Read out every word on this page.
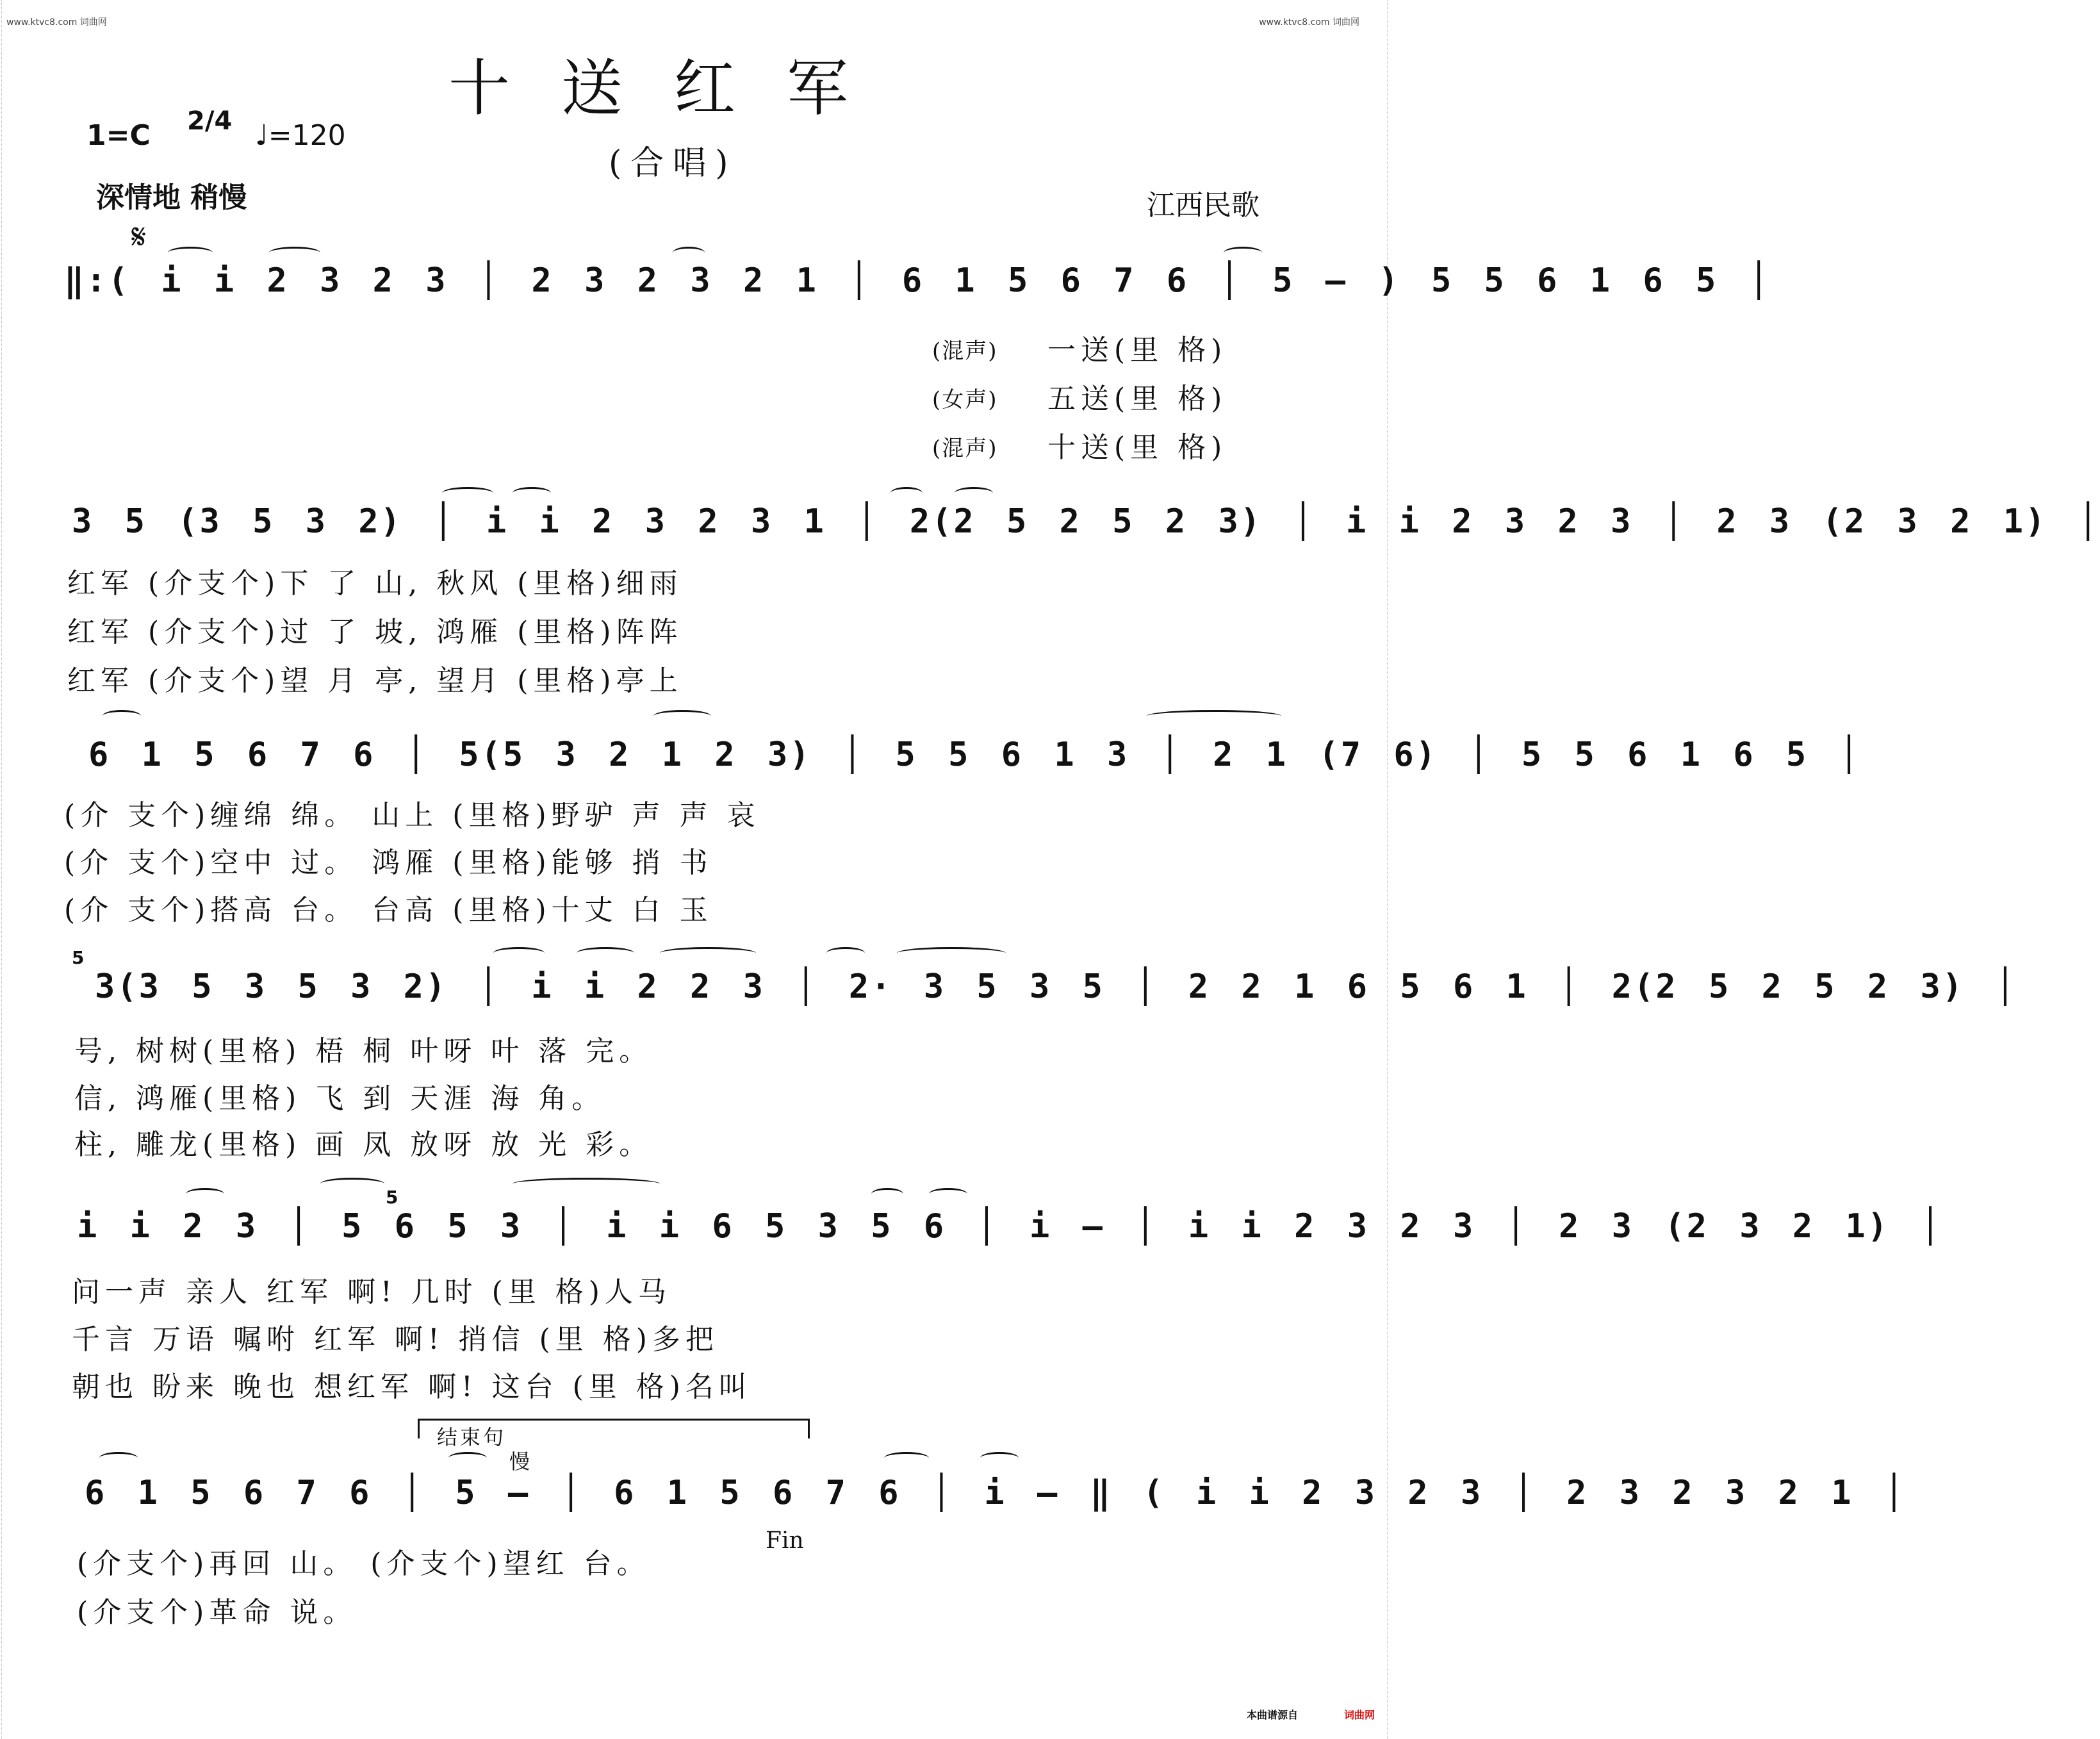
www.ktvc8.com 词曲网	www.ktvc8.com 词曲网
十送红军
(合唱)
1=C 2/4 ♩=120
深情地 稍慢	江西民歌
𝄋
‖:( i i 2 3 2 3 │ 2 3 2 3 2 1 │ 6 1 5 6 7 6 │ 5 – ) 5 5 6 1 6 5 │
(混声)
(女声)
(混声)
一送(里 格)
五送(里 格)
十送(里 格)
3 5 (3 5 3 2) │ i i 2 3 2 3 1 │ 2(2 5 2 5 2 3) │ i i 2 3 2 3 │ 2 3 (2 3 2 1) │
红军 (介支个)下 了 山, 秋风 (里格)细雨
红军 (介支个)过 了 坡, 鸿雁 (里格)阵阵
红军 (介支个)望 月 亭, 望月 (里格)亭上
6 1 5 6 7 6 │ 5(5 3 2 1 2 3) │ 5 5 6 1 3 │ 2 1 (7 6) │ 5 5 6 1 6 5 │
(介 支个)缠绵 绵。 山上 (里格)野驴 声 声 哀
(介 支个)空中 过。 鸿雁 (里格)能够 捎 书
(介 支个)搭高 台。 台高 (里格)十丈 白 玉
5
3(3 5 3 5 3 2) │ i i 2 2 3 │ 2· 3 5 3 5 │ 2 2 1 6 5 6 1 │ 2(2 5 2 5 2 3) │
号, 树树(里格) 梧 桐 叶呀 叶 落 完。
信, 鸿雁(里格) 飞 到 天涯 海 角。
柱, 雕龙(里格) 画 凤 放呀 放 光 彩。
5
i i 2 3 │ 5 6 5 3 │ i i 6 5 3 5 6 │ i – │ i i 2 3 2 3 │ 2 3 (2 3 2 1) │
问一声 亲人 红军 啊! 几时 (里 格)人马
千言 万语 嘱咐 红军 啊! 捎信 (里 格)多把
朝也 盼来 晚也 想红军 啊! 这台 (里 格)名叫
结束句
慢
6 1 5 6 7 6 │ 5 – │ 6 1 5 6 7 6 │ i – ‖ ( i i 2 3 2 3 │ 2 3 2 3 2 1 │
Fin
(介支个)再回 山。 (介支个)望红 台。
(介支个)革命 说。
本曲谱源自	词曲网
